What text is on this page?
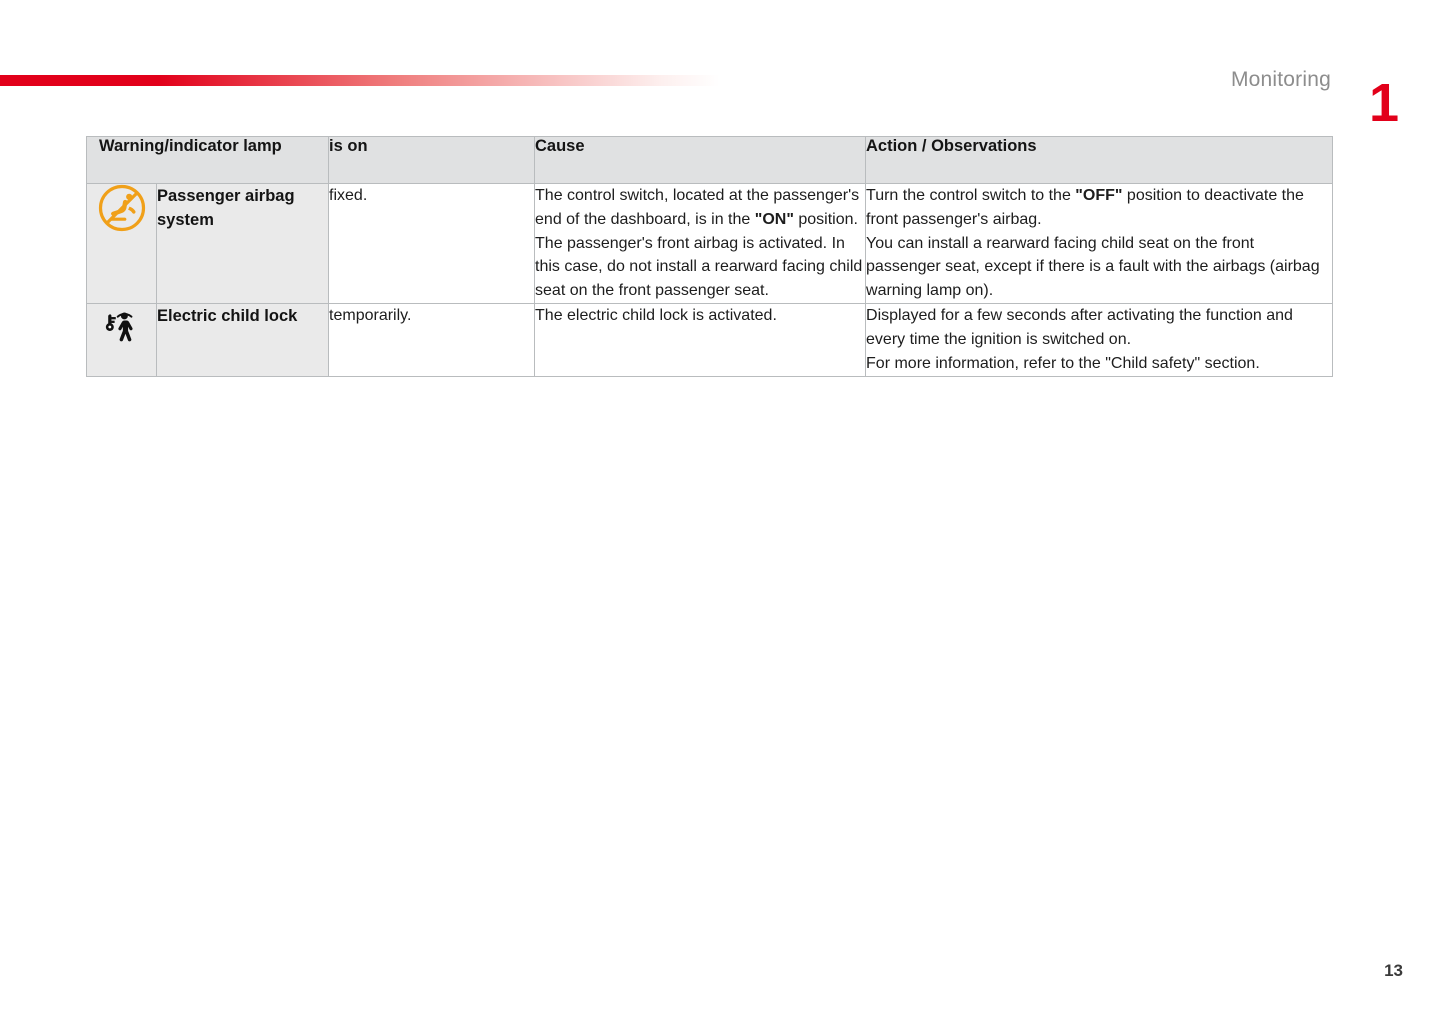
Monitoring 1
Warning/indicator lamp		is on	Cause	Action / Observations
	Passenger airbag system	fixed.	The control switch, located at the passenger's end of the dashboard, is in the "ON" position.
The passenger's front airbag is activated. In this case, do not install a rearward facing child seat on the front passenger seat.	Turn the control switch to the "OFF" position to deactivate the front passenger's airbag.
You can install a rearward facing child seat on the front passenger seat, except if there is a fault with the airbags (airbag warning lamp on).
	Electric child lock	temporarily.	The electric child lock is activated.	Displayed for a few seconds after activating the function and every time the ignition is switched on.
For more information, refer to the "Child safety" section.
13
